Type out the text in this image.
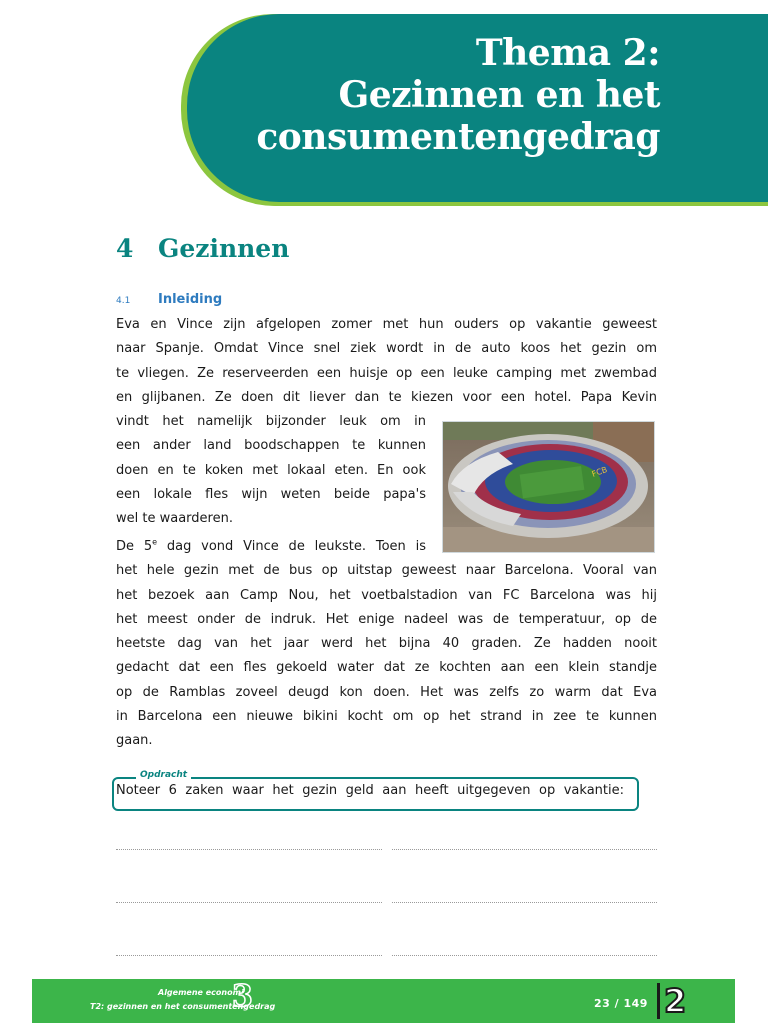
Thema 2:
Gezinnen en het
consumentengedrag
4 Gezinnen
4.1 Inleiding
Eva en Vince zijn afgelopen zomer met hun ouders op vakantie geweest
naar Spanje. Omdat Vince snel ziek wordt in de auto koos het gezin om
te vliegen. Ze reserveerden een huisje op een leuke camping met zwembad
en glijbanen. Ze doen dit liever dan te kiezen voor een hotel. Papa Kevin
vindt het namelijk bijzonder leuk om in
een ander land boodschappen te kunnen
doen en te koken met lokaal eten. En ook
een lokale fles wijn weten beide papa's
wel te waarderen.
FCB
De 5e dag vond Vince de leukste. Toen is
het hele gezin met de bus op uitstap geweest naar Barcelona. Vooral van
het bezoek aan Camp Nou, het voetbalstadion van FC Barcelona was hij
het meest onder de indruk. Het enige nadeel was de temperatuur, op de
heetste dag van het jaar werd het bijna 40 graden. Ze hadden nooit
gedacht dat een fles gekoeld water dat ze kochten aan een klein standje
op de Ramblas zoveel deugd kon doen. Het was zelfs zo warm dat Eva
in Barcelona een nieuwe bikini kocht om op het strand in zee te kunnen
gaan.
Opdracht
Noteer 6 zaken waar het gezin geld aan heeft uitgegeven op vakantie:
Algemene economie
3
T2: gezinnen en het consumentengedrag	23 / 149 2
